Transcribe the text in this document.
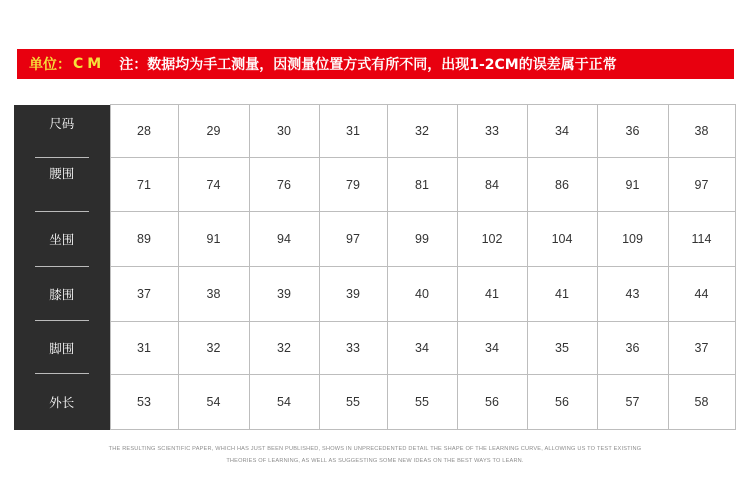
单位： CM 注：数据均为手工测量，因测量位置方式有所不同，出现1-2CM的误差属于正常
尺码	28	29	30	31	32	33	34	36	38
腰围	71	74	76	79	81	84	86	91	97
坐围	89	91	94	97	99	102	104	109	114
膝围	37	38	39	39	40	41	41	43	44
脚围	31	32	32	33	34	34	35	36	37
外长	53	54	54	55	55	56	56	57	58
THE RESULTING SCIENTIFIC PAPER, WHICH HAS JUST BEEN PUBLISHED, SHOWS IN UNPRECEDENTED DETAIL THE SHAPE OF THE LEARNING CURVE, ALLOWING US TO TEST EXISTING
THEORIES OF LEARNING, AS WELL AS SUGGESTING SOME NEW IDEAS ON THE BEST WAYS TO LEARN.
